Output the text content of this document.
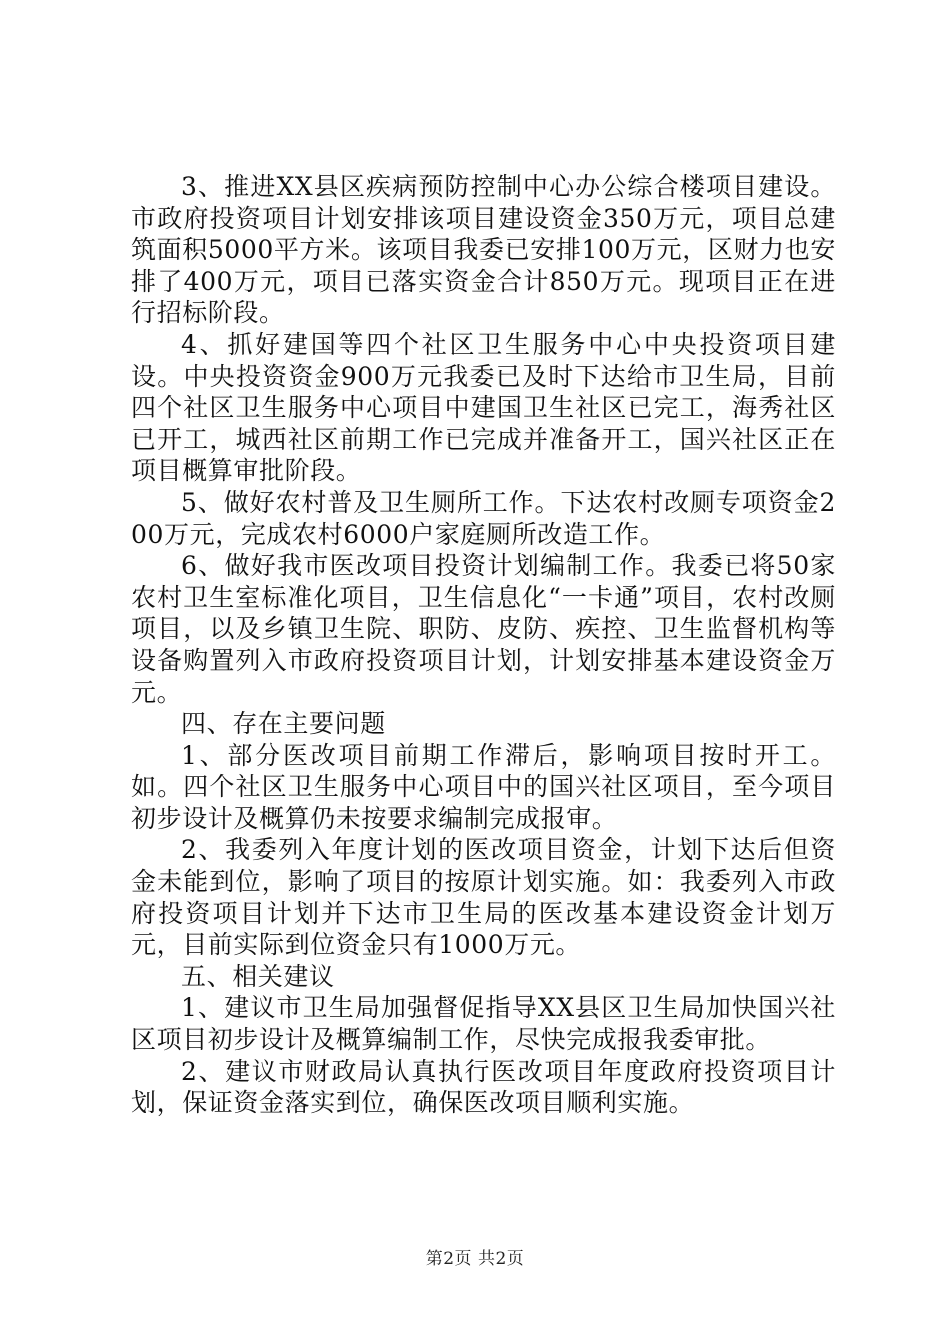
3、推进XX县区疾病预防控制中心办公综合楼项目建设。市政府投资项目计划安排该项目建设资金350万元，项目总建筑面积5000平方米。该项目我委已安排100万元，区财力也安排了400万元，项目已落实资金合计850万元。现项目正在进行招标阶段。

4、抓好建国等四个社区卫生服务中心中央投资项目建设。中央投资资金900万元我委已及时下达给市卫生局，目前四个社区卫生服务中心项目中建国卫生社区已完工，海秀社区已开工，城西社区前期工作已完成并准备开工，国兴社区正在项目概算审批阶段。

5、做好农村普及卫生厕所工作。下达农村改厕专项资金200万元，完成农村6000户家庭厕所改造工作。

6、做好我市医改项目投资计划编制工作。我委已将50家农村卫生室标准化项目，卫生信息化“一卡通”项目，农村改厕项目，以及乡镇卫生院、职防、皮防、疾控、卫生监督机构等设备购置列入市政府投资项目计划，计划安排基本建设资金万元。

四、存在主要问题

1、部分医改项目前期工作滞后，影响项目按时开工。如。四个社区卫生服务中心项目中的国兴社区项目，至今项目初步设计及概算仍未按要求编制完成报审。

2、我委列入年度计划的医改项目资金，计划下达后但资金未能到位，影响了项目的按原计划实施。如：我委列入市政府投资项目计划并下达市卫生局的医改基本建设资金计划万元，目前实际到位资金只有1000万元。

五、相关建议

1、建议市卫生局加强督促指导XX县区卫生局加快国兴社区项目初步设计及概算编制工作，尽快完成报我委审批。

2、建议市财政局认真执行医改项目年度政府投资项目计划，保证资金落实到位，确保医改项目顺利实施。

第2页 共2页
